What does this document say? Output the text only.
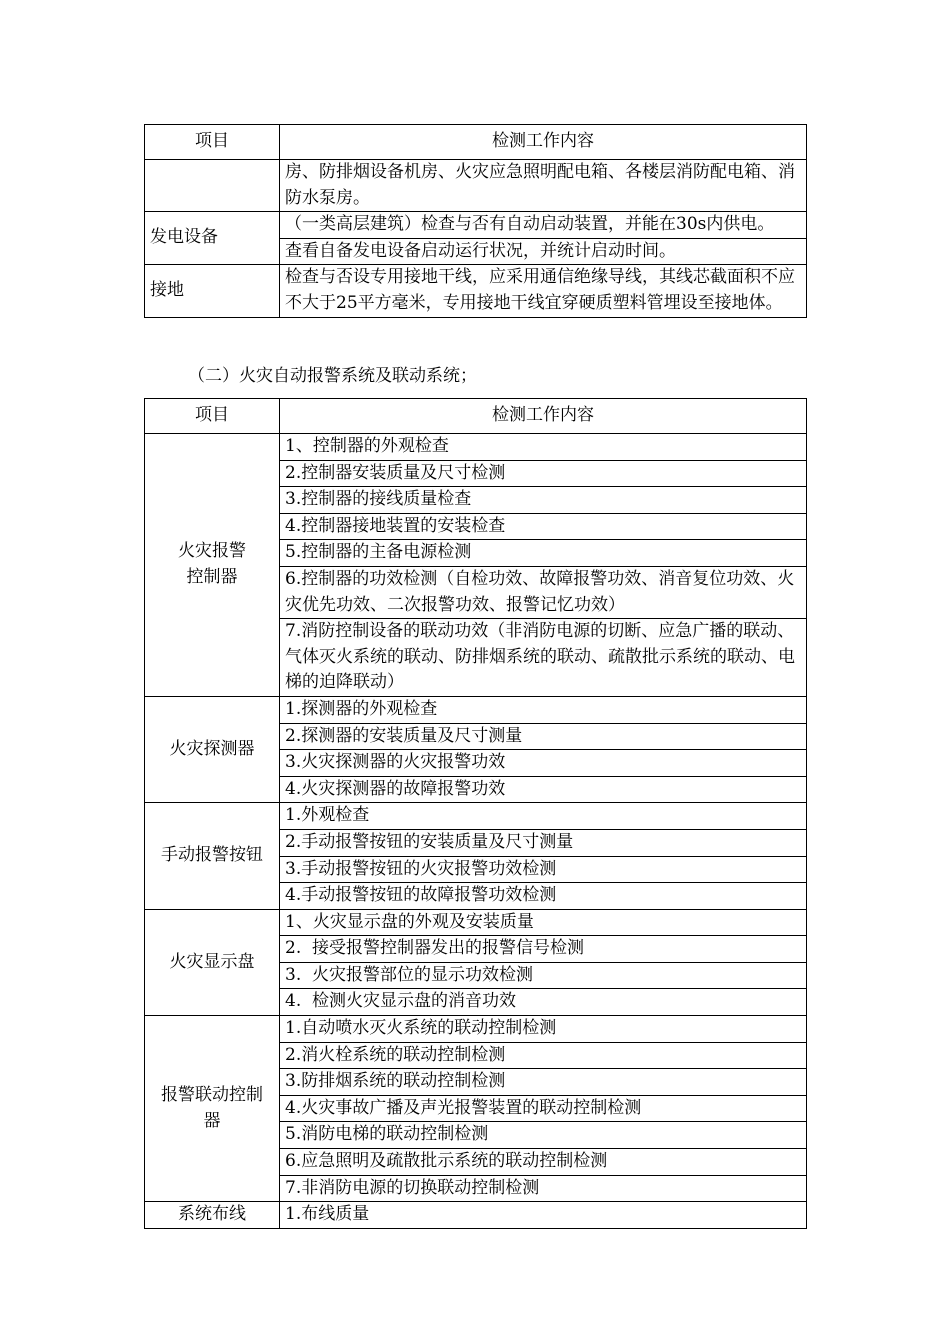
项目	检测工作内容
	房、防排烟设备机房、火灾应急照明配电箱、各楼层消防配电箱、消防水泵房。
发电设备	（一类高层建筑）检查与否有自动启动装置，并能在30s内供电。
	查看自备发电设备启动运行状况，并统计启动时间。
接地	检查与否设专用接地干线，应采用通信绝缘导线，其线芯截面积不应不大于25平方毫米，专用接地干线宜穿硬质塑料管埋设至接地体。
（二）火灾自动报警系统及联动系统；
项目	检测工作内容

火灾报警控制器	1、控制器的外观检查
	2.控制器安装质量及尺寸检测
	3.控制器的接线质量检查
	4.控制器接地装置的安装检查
	5.控制器的主备电源检测
	6.控制器的功效检测（自检功效、故障报警功效、消音复位功效、火灾优先功效、二次报警功效、报警记忆功效）
	7.消防控制设备的联动功效（非消防电源的切断、应急广播的联动、气体灭火系统的联动、防排烟系统的联动、疏散批示系统的联动、电梯的迫降联动）
火灾探测器	1.探测器的外观检查
	2.探测器的安装质量及尺寸测量
	3.火灾探测器的火灾报警功效
	4.火灾探测器的故障报警功效
手动报警按钮	1.外观检查
	2.手动报警按钮的安装质量及尺寸测量
	3.手动报警按钮的火灾报警功效检测
	4.手动报警按钮的故障报警功效检测
火灾显示盘	1、火灾显示盘的外观及安装质量
	2.  接受报警控制器发出的报警信号检测
	3.  火灾报警部位的显示功效检测
	4.  检测火灾显示盘的消音功效

报警联动控制器	1.自动喷水灭火系统的联动控制检测
	2.消火栓系统的联动控制检测
	3.防排烟系统的联动控制检测
	4.火灾事故广播及声光报警装置的联动控制检测
	5.消防电梯的联动控制检测
	6.应急照明及疏散批示系统的联动控制检测
	7.非消防电源的切换联动控制检测
系统布线	1.布线质量
